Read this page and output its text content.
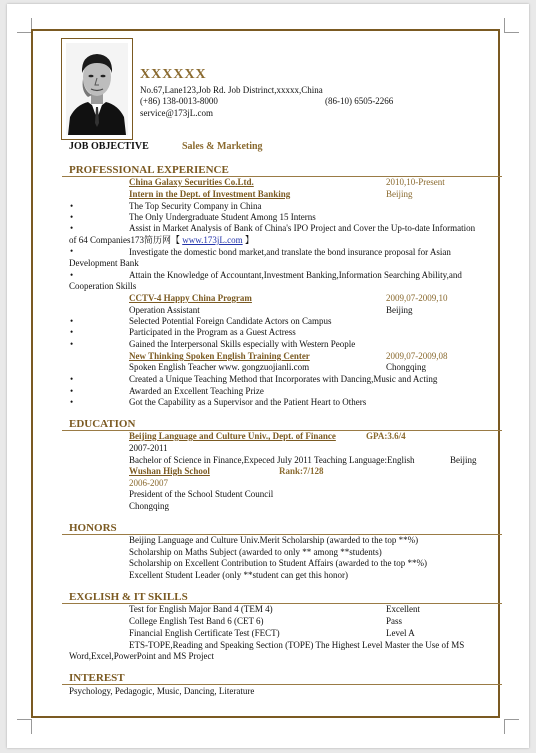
XXXXXX
No.67,Lane123,Job Rd. Job Distrinct,xxxxx,China
(+86) 138-0013-8000	(86-10) 6505-2266
service@173jL.com
JOB OBJECTIVE	Sales & Marketing
PROFESSIONAL EXPERIENCE
China Galaxy Securities Co.Ltd.	2010,10-Present
Intern in the Dept. of Investment Banking	Beijing
•	The Top Security Company in China
•	The Only Undergraduate Student Among 15 Interns
•	Assist in Market Analysis of Bank of China's IPO Project and Cover the Up-to-date Information
of 64 Companies173简历网【 www.173jL.com 】
•	Investigate the domestic bond market,and translate the bond insurance proposal for Asian
Development Bank
•	Attain the Knowledge of Accountant,Investment Banking,Information Searching Ability,and
Cooperation Skills
CCTV-4 Happy China Program	2009,07-2009,10
Operation Assistant	Beijing
•	Selected Potential Foreign Candidate Actors on Campus
•	Participated in the Program as a Guest Actress
•	Gained the Interpersonal Skills especially with Western People
New Thinking Spoken English Training Center	2009,07-2009,08
Spoken English Teacher www. gongzuojianli.com	Chongqing
•	Created a Unique Teaching Method that Incorporates with Dancing,Music and Acting
•	Awarded an Excellent Teaching Prize
•	Got the Capability as a Supervisor and the Patient Heart to Others
EDUCATION
Beijing Language and Culture Univ., Dept. of Finance	GPA:3.6/4
2007-2011
Bachelor of Science in Finance,Expeced July 2011 Teaching Language:English	Beijing
Wushan High School	Rank:7/128
2006-2007
President of the School Student Council
Chongqing
HONORS
Beijing Language and Culture Univ.Merit Scholarship (awarded to the top **%)
Scholarship on Maths Subject (awarded to only ** among **students)
Scholarship on Excellent Contribution to Student Affairs (awarded to the top **%)
Excellent Student Leader (only **student can get this honor)
EXGLISH & IT SKILLS
Test for English Major Band 4 (TEM 4)	Excellent
College English Test Band 6 (CET 6)	Pass
Financial English Certificate Test (FECT)	Level A
ETS-TOPE,Reading and Speaking Section (TOPE) The Highest Level Master the Use of MS
Word,Excel,PowerPoint and MS Project
INTEREST
Psychology, Pedagogic, Music, Dancing, Literature
